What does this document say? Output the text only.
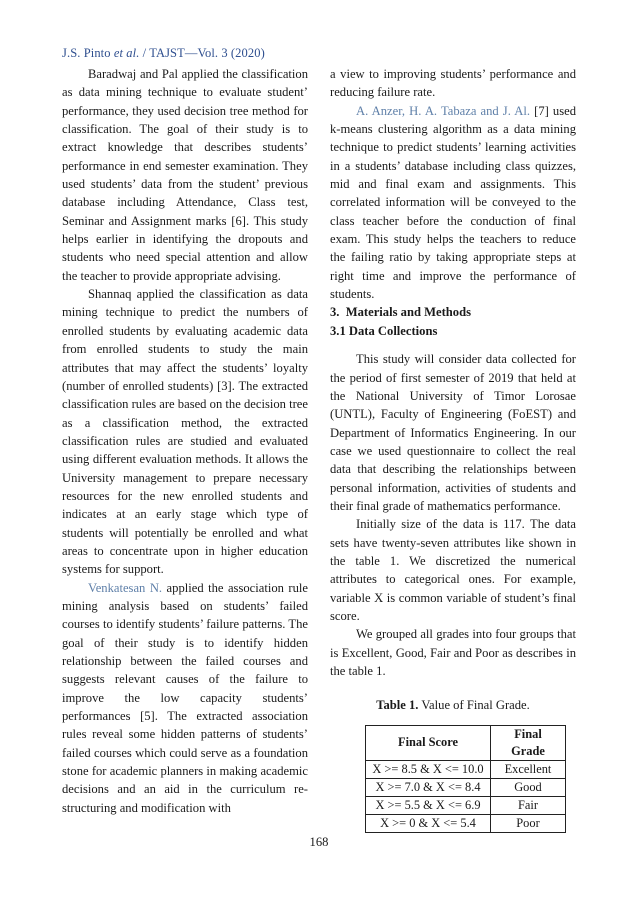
J.S. Pinto et al. / TAJST—Vol. 3 (2020)

Baradwaj and Pal applied the classification as data mining technique to evaluate student’ performance, they used decision tree method for classification. The goal of their study is to extract knowledge that describes students’ performance in end semester examination. They used students’ data from the student’ previous database including Attendance, Class test, Seminar and Assignment marks [6]. This study helps earlier in identifying the dropouts and students who need special attention and allow the teacher to provide appropriate advising.

Shannaq applied the classification as data mining technique to predict the numbers of enrolled students by evaluating academic data from enrolled students to study the main attributes that may affect the students’ loyalty (number of enrolled students) [3]. The extracted classification rules are based on the decision tree as a classification method, the extracted classification rules are studied and evaluated using different evaluation methods. It allows the University management to prepare necessary resources for the new enrolled students and indicates at an early stage which type of students will potentially be enrolled and what areas to concentrate upon in higher education systems for support.

Venkatesan N. applied the association rule mining analysis based on students’ failed courses to identify students’ failure patterns. The goal of their study is to identify hidden relationship between the failed courses and suggests relevant causes of the failure to improve the low capacity students’ performances [5]. The extracted association rules reveal some hidden patterns of students’ failed courses which could serve as a foundation stone for academic planners in making academic decisions and an aid in the curriculum re-structuring and modification with

a view to improving students’ performance and reducing failure rate.

A. Anzer, H. A. Tabaza and J. Al. [7] used k-means clustering algorithm as a data mining technique to predict students’ learning activities in a students’ database including class quizzes, mid and final exam and assignments. This correlated information will be conveyed to the class teacher before the conduction of final exam. This study helps the teachers to reduce the failing ratio by taking appropriate steps at right time and improve the performance of students.

3. Materials and Methods

3.1 Data Collections

This study will consider data collected for the period of first semester of 2019 that held at the National University of Timor Lorosae (UNTL), Faculty of Engineering (FoEST) and Department of Informatics Engineering. In our case we used questionnaire to collect the real data that describing the relationships between personal information, activities of students and their final grade of mathematics performance.

Initially size of the data is 117. The data sets have twenty-seven attributes like shown in the table 1. We discretized the numerical attributes to categorical ones. For example, variable X is common variable of student’s final score.

We grouped all grades into four groups that is Excellent, Good, Fair and Poor as describes in the table 1.

Table 1. Value of Final Grade.

Final Score	Final Grade
X >= 8.5 & X <= 10.0	Excellent
X >= 7.0 & X <= 8.4	Good
X >= 5.5 & X <= 6.9	Fair
X >= 0 & X <= 5.4	Poor
168
